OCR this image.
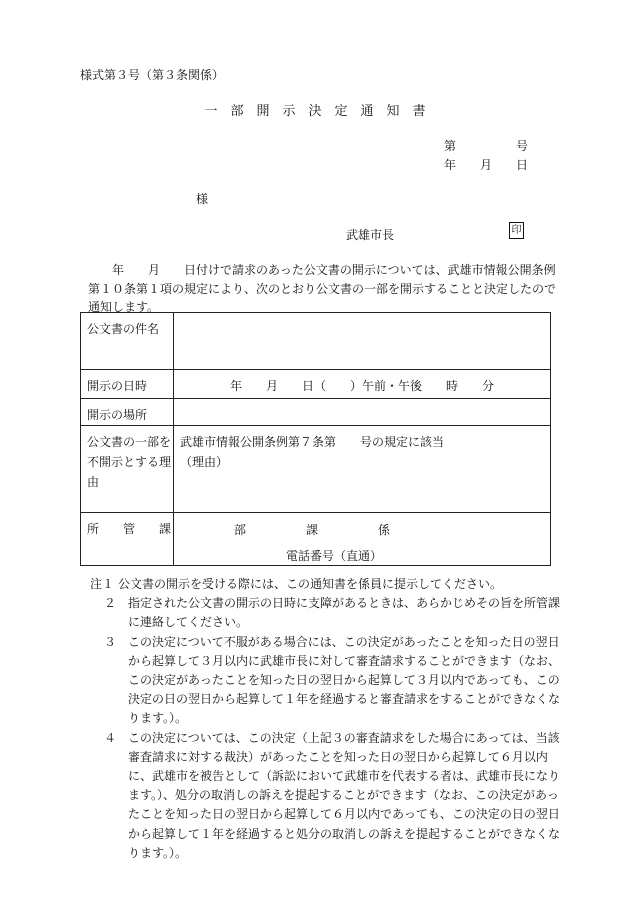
様式第３号（第３条関係）
一　部　開　示　決　定　通　知　書
第　　　　　号
年　　月　　日
様
武雄市長	印
　　年　　月　　日付けで請求のあった公文書の開示については、武雄市情報公開条例第１０条第１項の規定により、次のとおり公文書の一部を開示することと決定したので通知します。
公文書の件名	
開示の日時	年　　月　　日（　　）午前・午後　　時　　分
開示の場所	
公文書の一部を不開示とする理由	武雄市情報公開条例第７条第　　号の規定に該当
（理由）

所　　管　　課	部　　　　　課　　　　　係
電話番号（直通）
注１ 公文書の開示を受ける際には、この通知書を係員に提示してください。
２ 指定された公文書の開示の日時に支障があるときは、あらかじめその旨を所管課に連絡してください。
３ この決定について不服がある場合には、この決定があったことを知った日の翌日から起算して３月以内に武雄市長に対して審査請求することができます（なお、この決定があったことを知った日の翌日から起算して３月以内であっても、この決定の日の翌日から起算して１年を経過すると審査請求をすることができなくなります。）。
４ この決定については、この決定（上記３の審査請求をした場合にあっては、当該審査請求に対する裁決）があったことを知った日の翌日から起算して６月以内に、武雄市を被告として（訴訟において武雄市を代表する者は、武雄市長になります。）、処分の取消しの訴えを提起することができます（なお、この決定があったことを知った日の翌日から起算して６月以内であっても、この決定の日の翌日から起算して１年を経過すると処分の取消しの訴えを提起することができなくなります。）。
